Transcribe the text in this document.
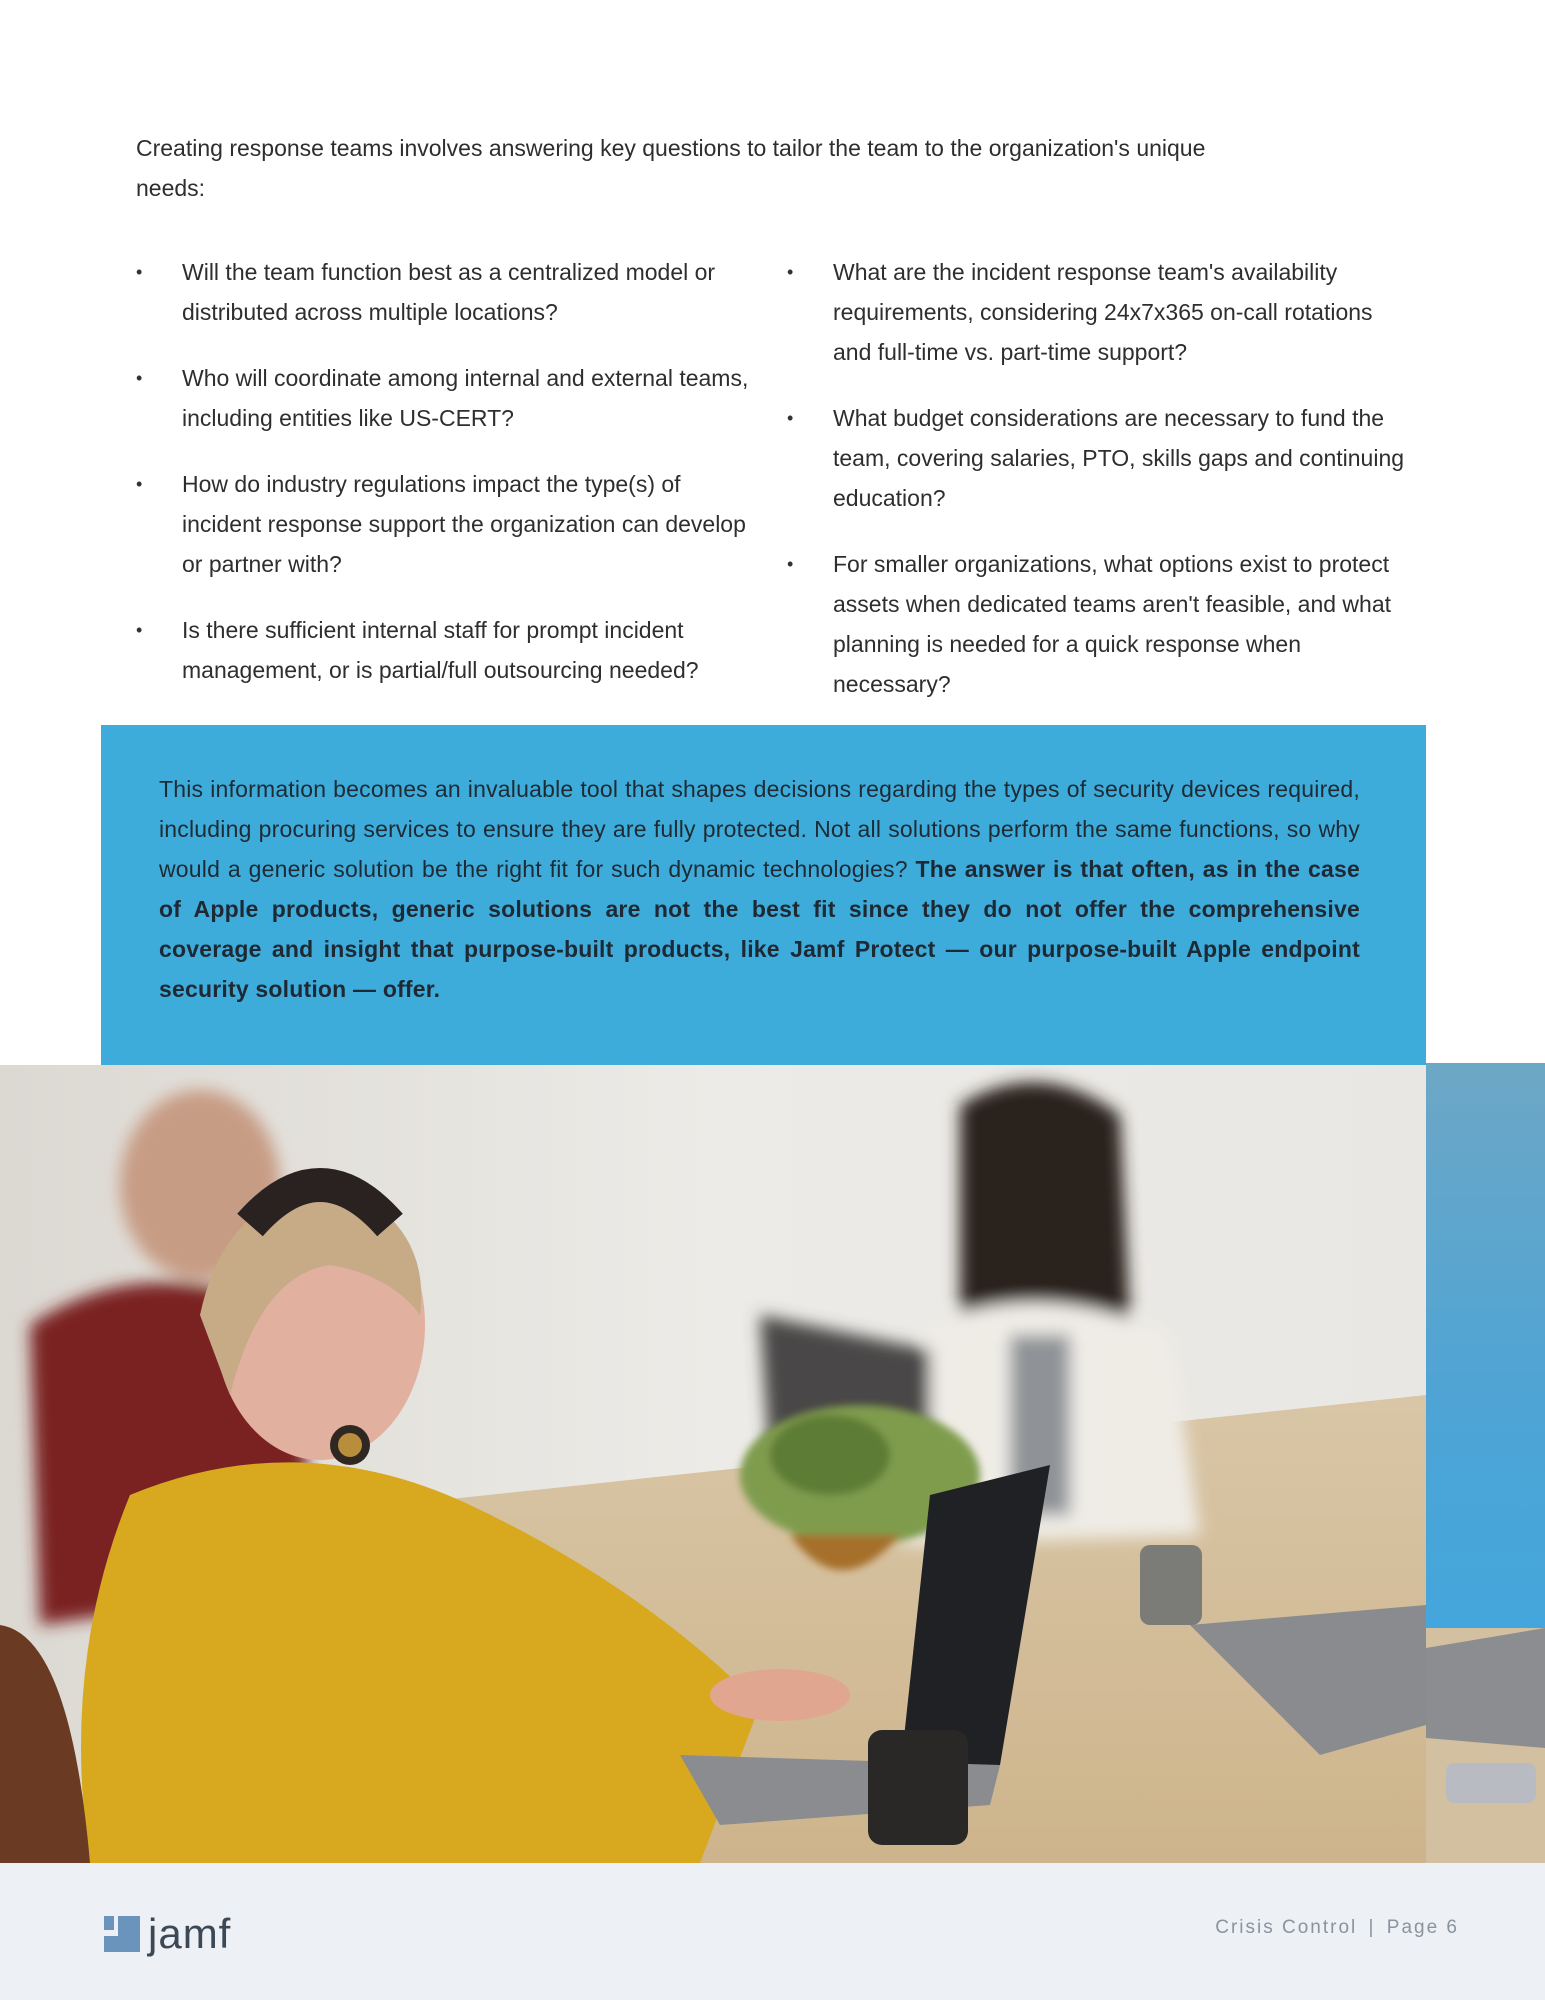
Creating response teams involves answering key questions to tailor the team to the organization's unique needs:

• Will the team function best as a centralized model or distributed across multiple locations?
• Who will coordinate among internal and external teams, including entities like US-CERT?
• How do industry regulations impact the type(s) of incident response support the organization can develop or partner with?
• Is there sufficient internal staff for prompt incident management, or is partial/full outsourcing needed?
• What are the incident response team's availability requirements, considering 24x7x365 on-call rotations and full-time vs. part-time support?
• What budget considerations are necessary to fund the team, covering salaries, PTO, skills gaps and continuing education?
• For smaller organizations, what options exist to protect assets when dedicated teams aren't feasible, and what planning is needed for a quick response when necessary?

This information becomes an invaluable tool that shapes decisions regarding the types of security devices required, including procuring services to ensure they are fully protected. Not all solutions perform the same functions, so why would a generic solution be the right fit for such dynamic technologies? The answer is that often, as in the case of Apple products, generic solutions are not the best fit since they do not offer the comprehensive coverage and insight that purpose-built products, like Jamf Protect — our purpose-built Apple endpoint security solution — offer.

jamf	Crisis Control | Page 6
